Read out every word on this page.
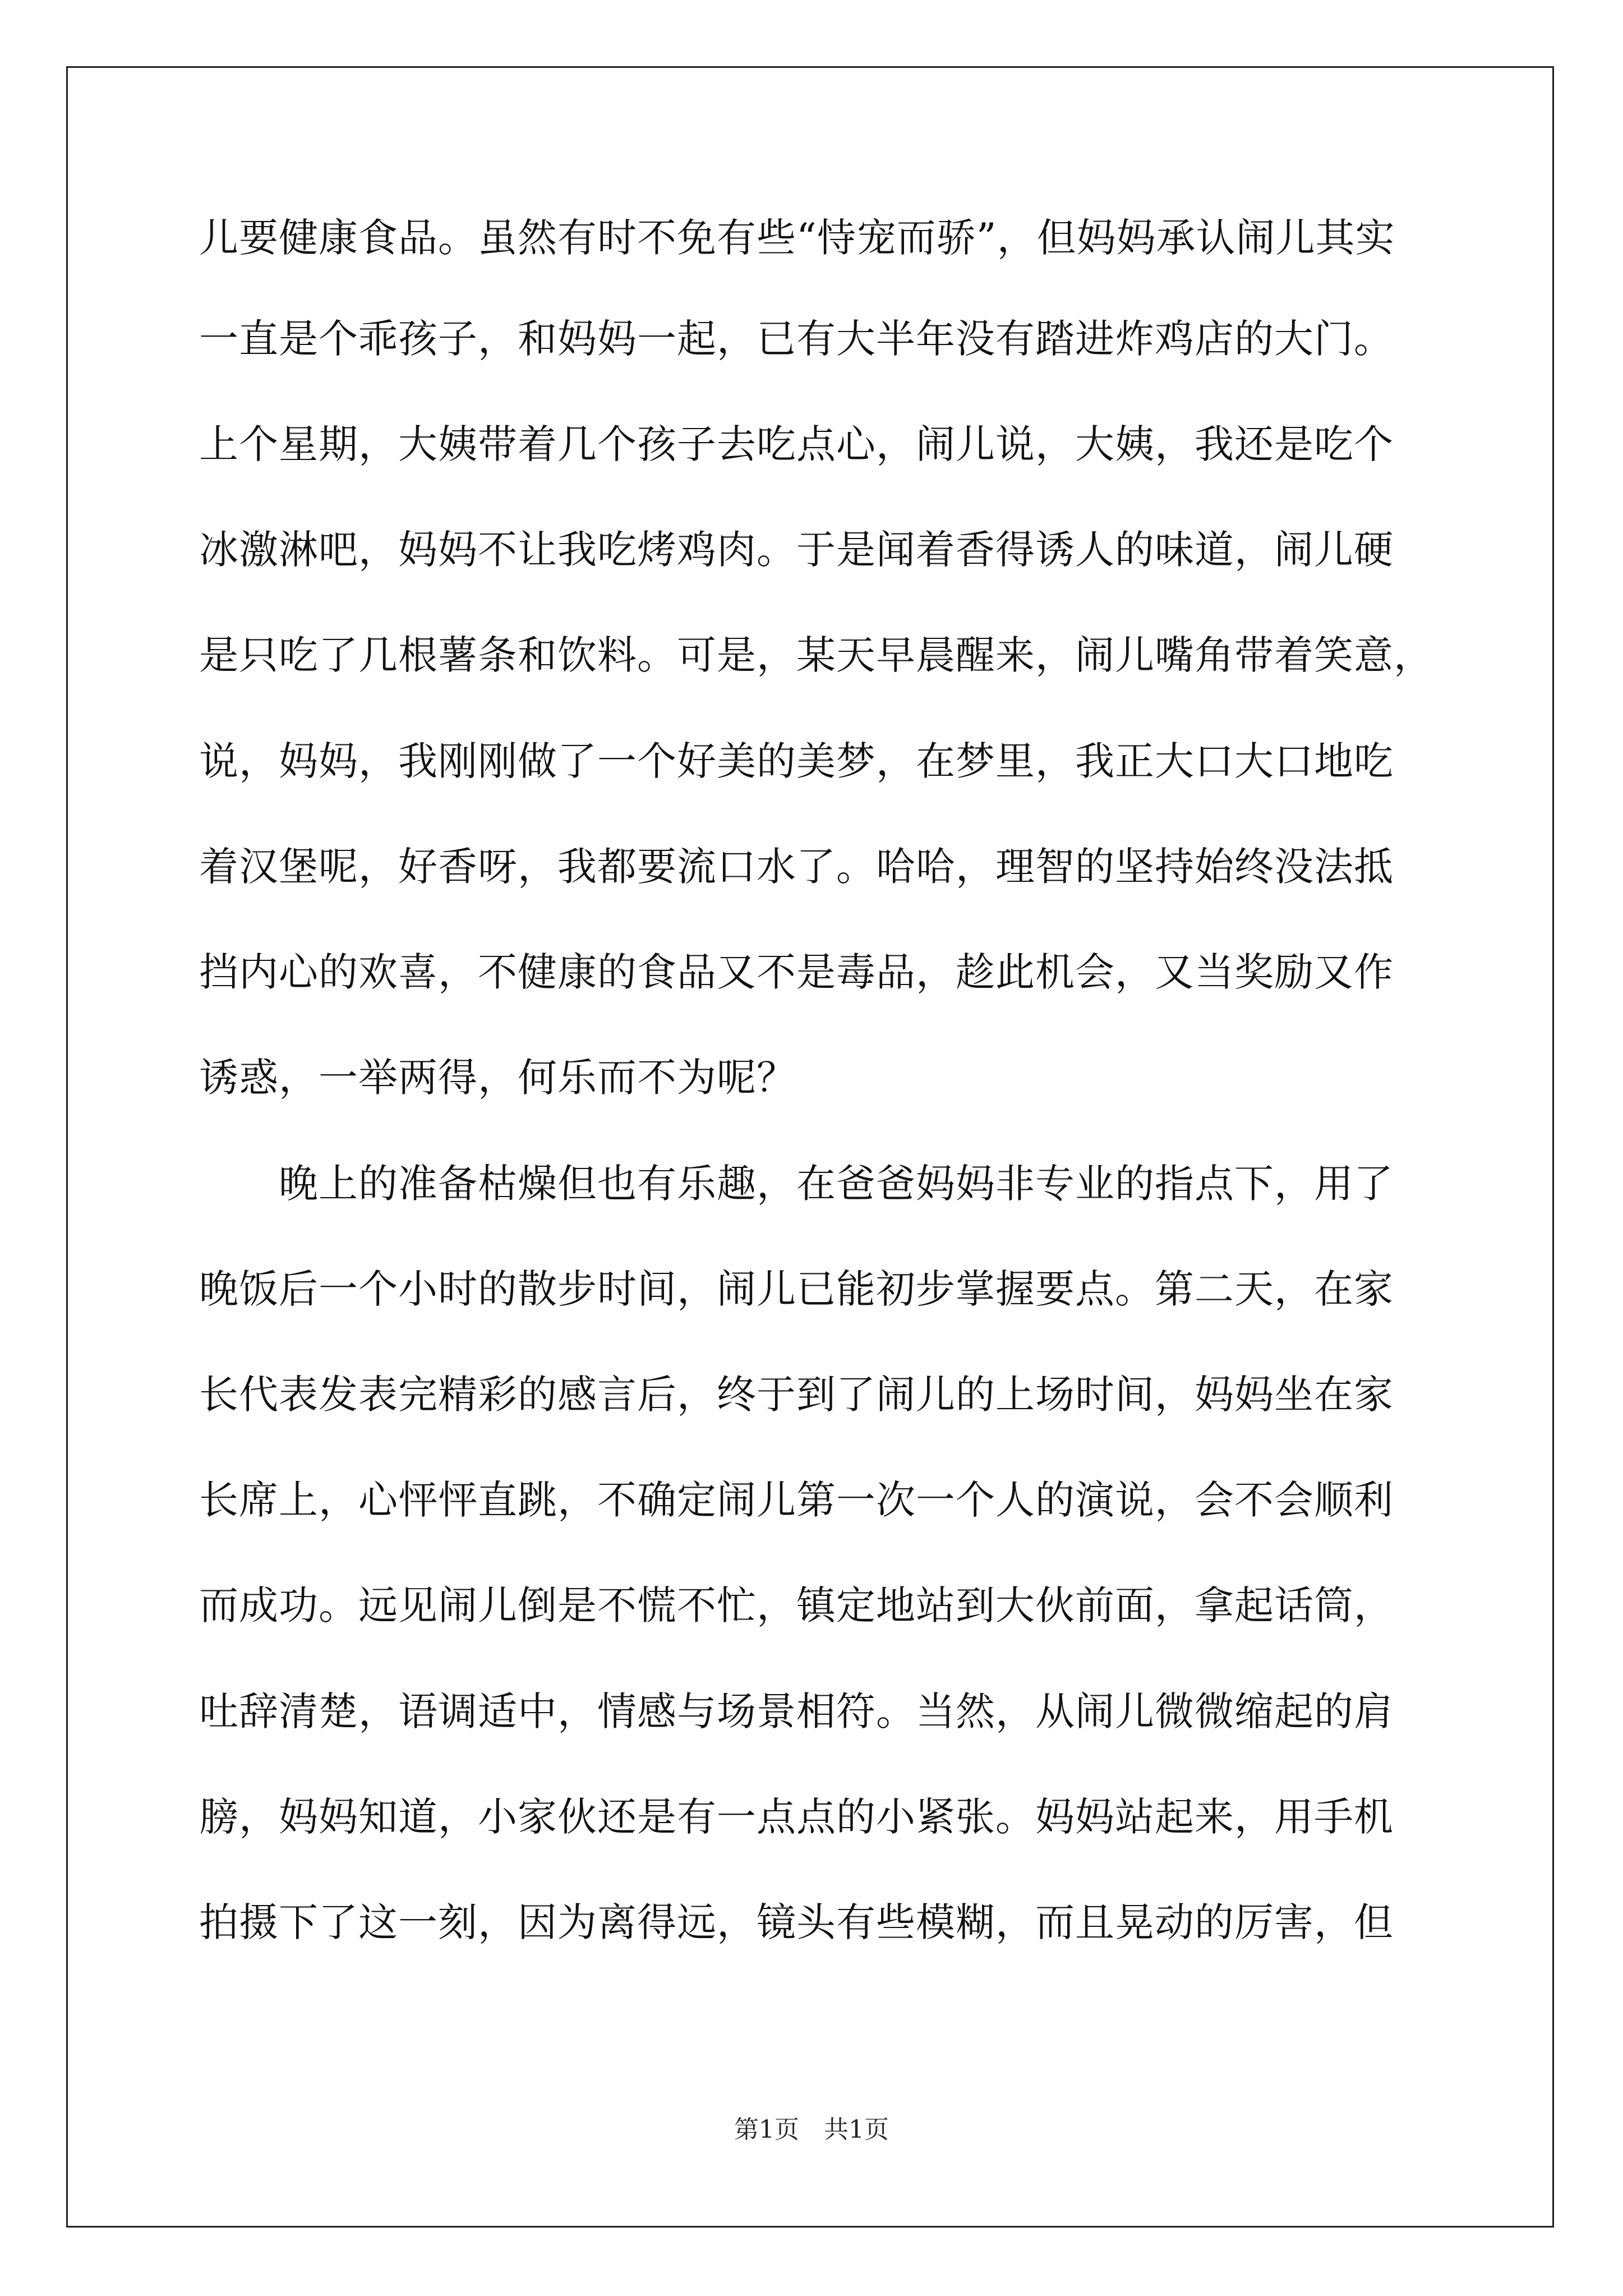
儿要健康食品。虽然有时不免有些“恃宠而骄”，但妈妈承认闹儿其实
一直是个乖孩子，和妈妈一起，已有大半年没有踏进炸鸡店的大门。
上个星期，大姨带着几个孩子去吃点心，闹儿说，大姨，我还是吃个
冰激淋吧，妈妈不让我吃烤鸡肉。于是闻着香得诱人的味道，闹儿硬
是只吃了几根薯条和饮料。可是，某天早晨醒来，闹儿嘴角带着笑意，
说，妈妈，我刚刚做了一个好美的美梦，在梦里，我正大口大口地吃
着汉堡呢，好香呀，我都要流口水了。哈哈，理智的坚持始终没法抵
挡内心的欢喜，不健康的食品又不是毒品，趁此机会，又当奖励又作
诱惑，一举两得，何乐而不为呢？
　　晚上的准备枯燥但也有乐趣，在爸爸妈妈非专业的指点下，用了
晚饭后一个小时的散步时间，闹儿已能初步掌握要点。第二天，在家
长代表发表完精彩的感言后，终于到了闹儿的上场时间，妈妈坐在家
长席上，心怦怦直跳，不确定闹儿第一次一个人的演说，会不会顺利
而成功。远见闹儿倒是不慌不忙，镇定地站到大伙前面，拿起话筒，
吐辞清楚，语调适中，情感与场景相符。当然，从闹儿微微缩起的肩
膀，妈妈知道，小家伙还是有一点点的小紧张。妈妈站起来，用手机
拍摄下了这一刻，因为离得远，镜头有些模糊，而且晃动的厉害，但
第1页　共1页
